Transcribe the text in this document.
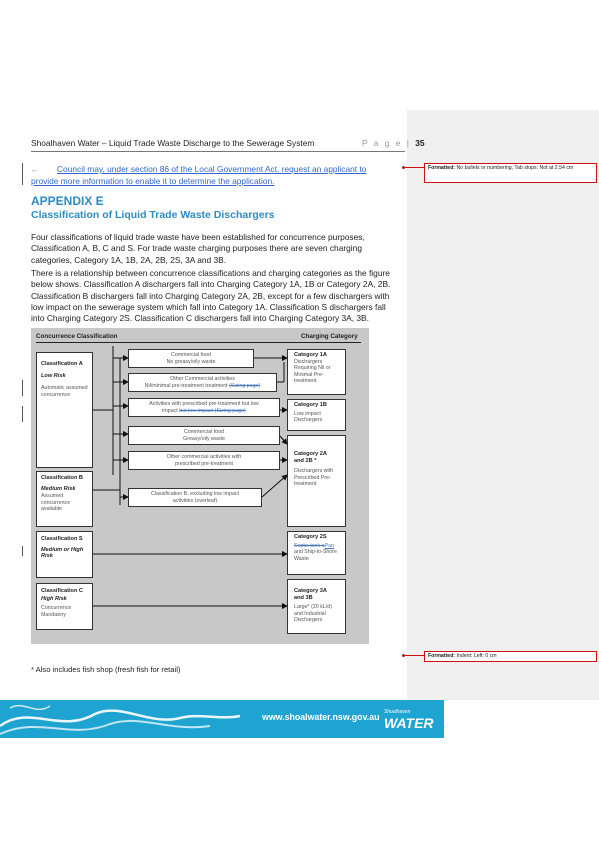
Shoalhaven Water – Liquid Trade Waste Discharge to the Sewerage System	P a g e | 35
←	Council may, under section 86 of the Local Government Act, request an applicant to provide more information to enable it to determine the application.
APPENDIX E
Classification of Liquid Trade Waste Dischargers
Four classifications of liquid trade waste have been established for concurrence purposes, Classification A, B, C and S. For trade waste charging purposes there are seven charging categories, Category 1A, 1B, 2A, 2B, 2S, 3A and 3B.
There is a relationship between concurrence classifications and charging categories as the figure below shows. Classification A dischargers fall into Charging Category 1A, 1B or Category 2A, 2B. Classification B dischargers fall into Charging Category 2A, 2B, except for a few dischargers with low impact on the sewerage system which fall into Category 1A. Classification S dischargers fall into Charging Category 2S. Classification C dischargers fall into Charging Category 3A, 3B.
Concurrence Classification	Charging Category
Classification A
Low Risk
Automatic assumed concurrence
Classification B
Medium Risk
Assumed concurrence available
Classification S
Medium or High Risk
Classification C
High Risk
Concurrence Mandatory
Commercial food
No greasy/oily waste
Other Commercial activities
Nil/minimal pre-treatment treatment (Sizing page)
Activities with prescribed pre-treatment but low
impact but low impact (Sizing page)
Commercial food
Greasy/oily waste
Other commercial activities with
prescribed pre-treatment
Classification B, excluding low impact
activities (overleaf)
Category 1A
Dischargers Requiring Nil or Minimal Pre-treatment
Category 1B
Low impact Dischargers
Category 2A
and 2B *
Dischargers with Prescribed Pre-treatment
Category 2S
Septic tank aPan and Ship-to-Shore Waste
Category 3A
and 3B
Large* (20 kL/d) and Industrial Dischargers
* Also includes fish shop (fresh fish for retail)
Formatted: No bullets or numbering, Tab stops: Not at 2.54 cm
Formatted: Indent: Left: 0 cm
www.shoalwater.nsw.gov.au Shoalhaven
WATER
